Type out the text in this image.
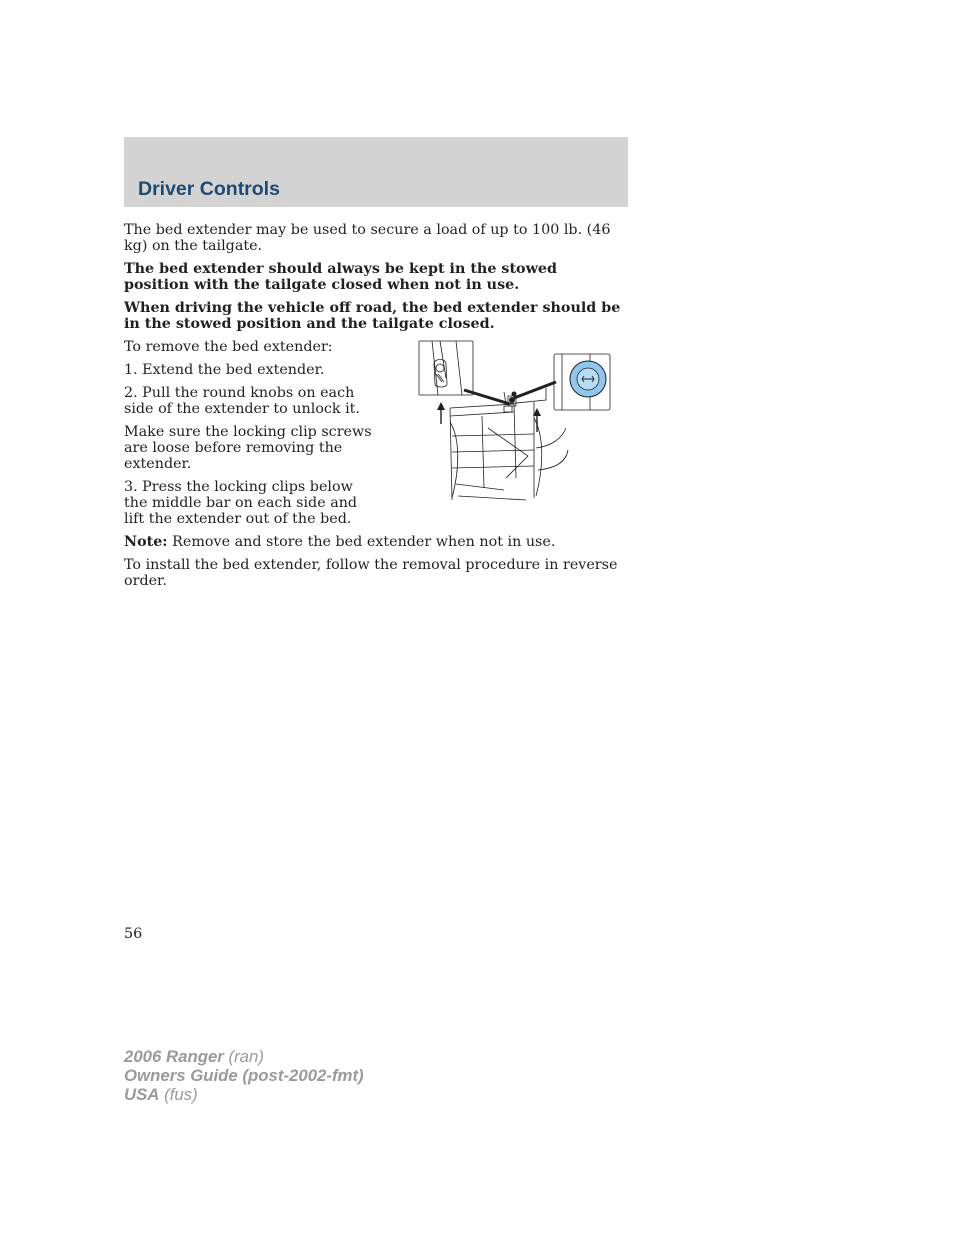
Driver Controls

The bed extender may be used to secure a load of up to 100 lb. (46 kg) on the tailgate.

The bed extender should always be kept in the stowed position with the tailgate closed when not in use.

When driving the vehicle off road, the bed extender should be in the stowed position and the tailgate closed.

To remove the bed extender:

1. Extend the bed extender.

2. Pull the round knobs on each side of the extender to unlock it.

Make sure the locking clip screws are loose before removing the extender.

3. Press the locking clips below the middle bar on each side and lift the extender out of the bed.

Note: Remove and store the bed extender when not in use.

To install the bed extender, follow the removal procedure in reverse order.

56
2006 Ranger (ran)
Owners Guide (post-2002-fmt)
USA (fus)
